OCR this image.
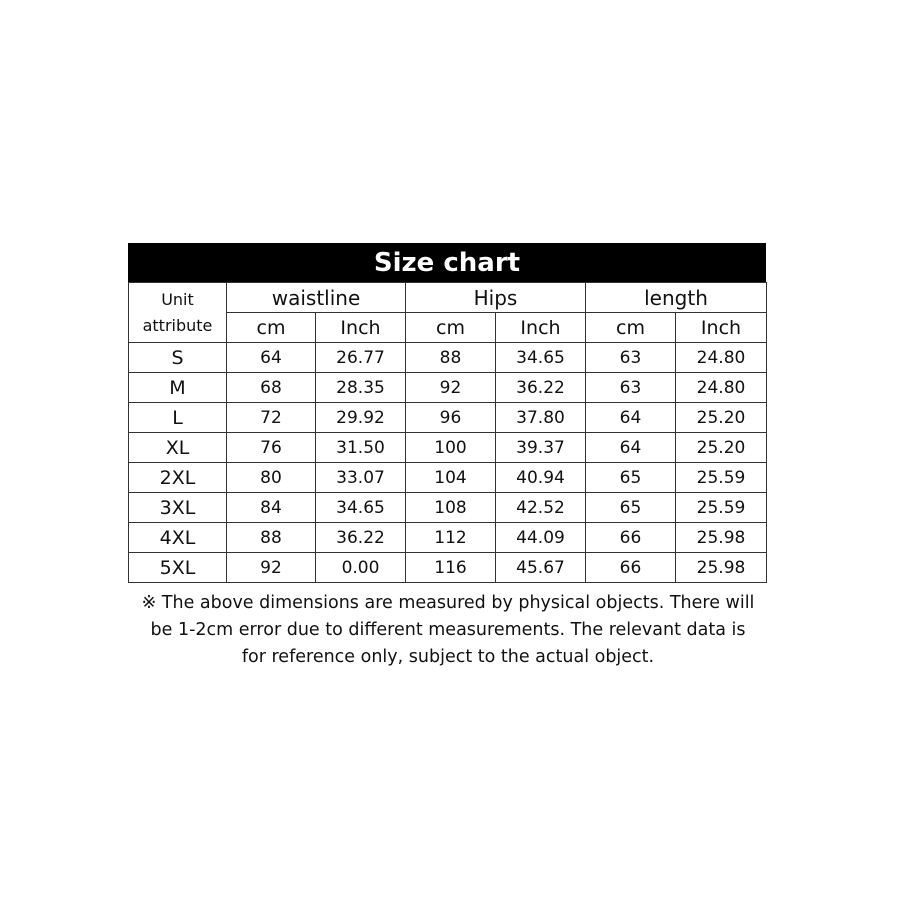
Size chart
Unit
attribute	waistline		Hips		length	
	cm	Inch	cm	Inch	cm	Inch
S	64	26.77	88	34.65	63	24.80
M	68	28.35	92	36.22	63	24.80
L	72	29.92	96	37.80	64	25.20
XL	76	31.50	100	39.37	64	25.20
2XL	80	33.07	104	40.94	65	25.59
3XL	84	34.65	108	42.52	65	25.59
4XL	88	36.22	112	44.09	66	25.98
5XL	92	0.00	116	45.67	66	25.98
※ The above dimensions are measured by physical objects. There will
be 1-2cm error due to different measurements. The relevant data is
for reference only, subject to the actual object.
